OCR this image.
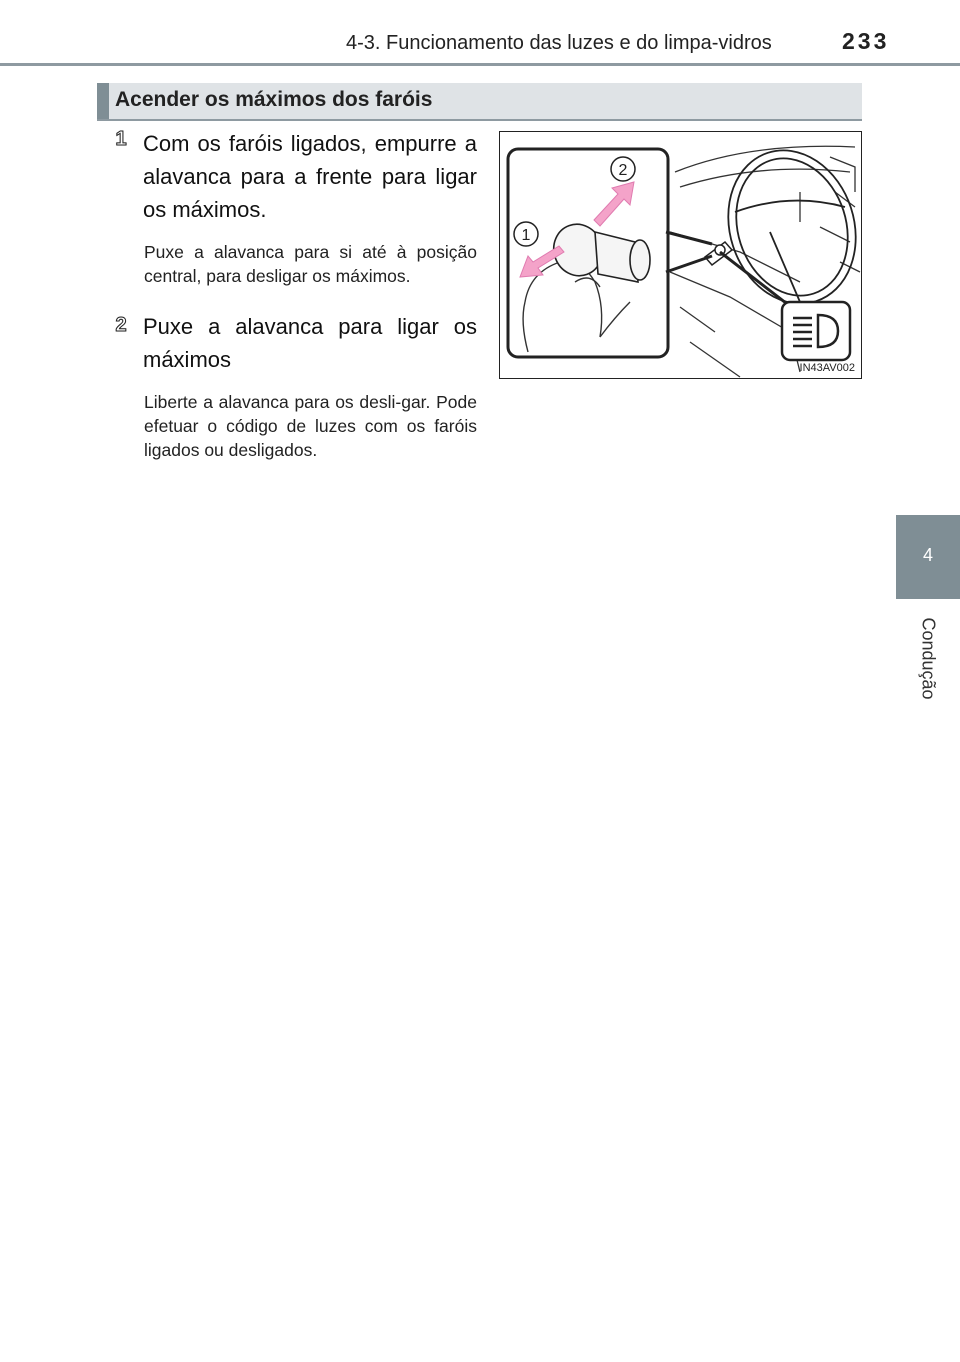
4-3. Funcionamento das luzes e do limpa-vidros	233
4
Condução
Acender os máximos dos faróis
1 Com os faróis ligados, empurre a alavanca para a frente para ligar os máximos.

Puxe a alavanca para si até à posição central, para desligar os máximos.
2 Puxe a alavanca para ligar os máximos

Liberte a alavanca para os desli-gar. Pode efetuar o código de luzes com os faróis ligados ou desligados.
2
1
IN43AV002
